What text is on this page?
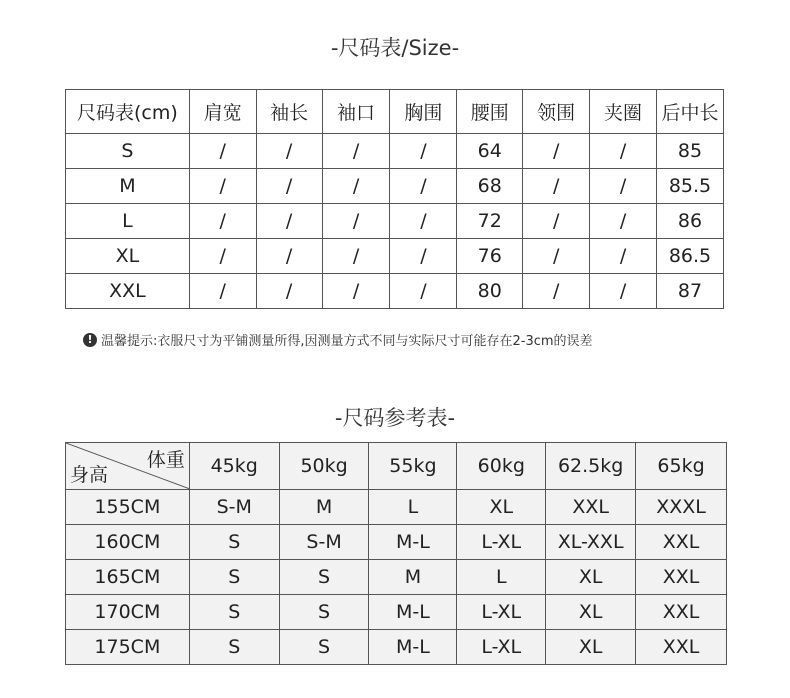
-尺码表/Size-
尺码表(cm)	肩宽	袖长	袖口	胸围	腰围	领围	夹圈	后中长
S	/	/	/	/	64	/	/	85
M	/	/	/	/	68	/	/	85.5
L	/	/	/	/	72	/	/	86
XL	/	/	/	/	76	/	/	86.5
XXL	/	/	/	/	80	/	/	87
! 温馨提示:衣服尺寸为平铺测量所得,因测量方式不同与实际尺寸可能存在2-3cm的误差
-尺码参考表-
体重
身高	45kg	50kg	55kg	60kg	62.5kg	65kg
155CM	S-M	M	L	XL	XXL	XXXL
160CM	S	S-M	M-L	L-XL	XL-XXL	XXL
165CM	S	S	M	L	XL	XXL
170CM	S	S	M-L	L-XL	XL	XXL
175CM	S	S	M-L	L-XL	XL	XXL
